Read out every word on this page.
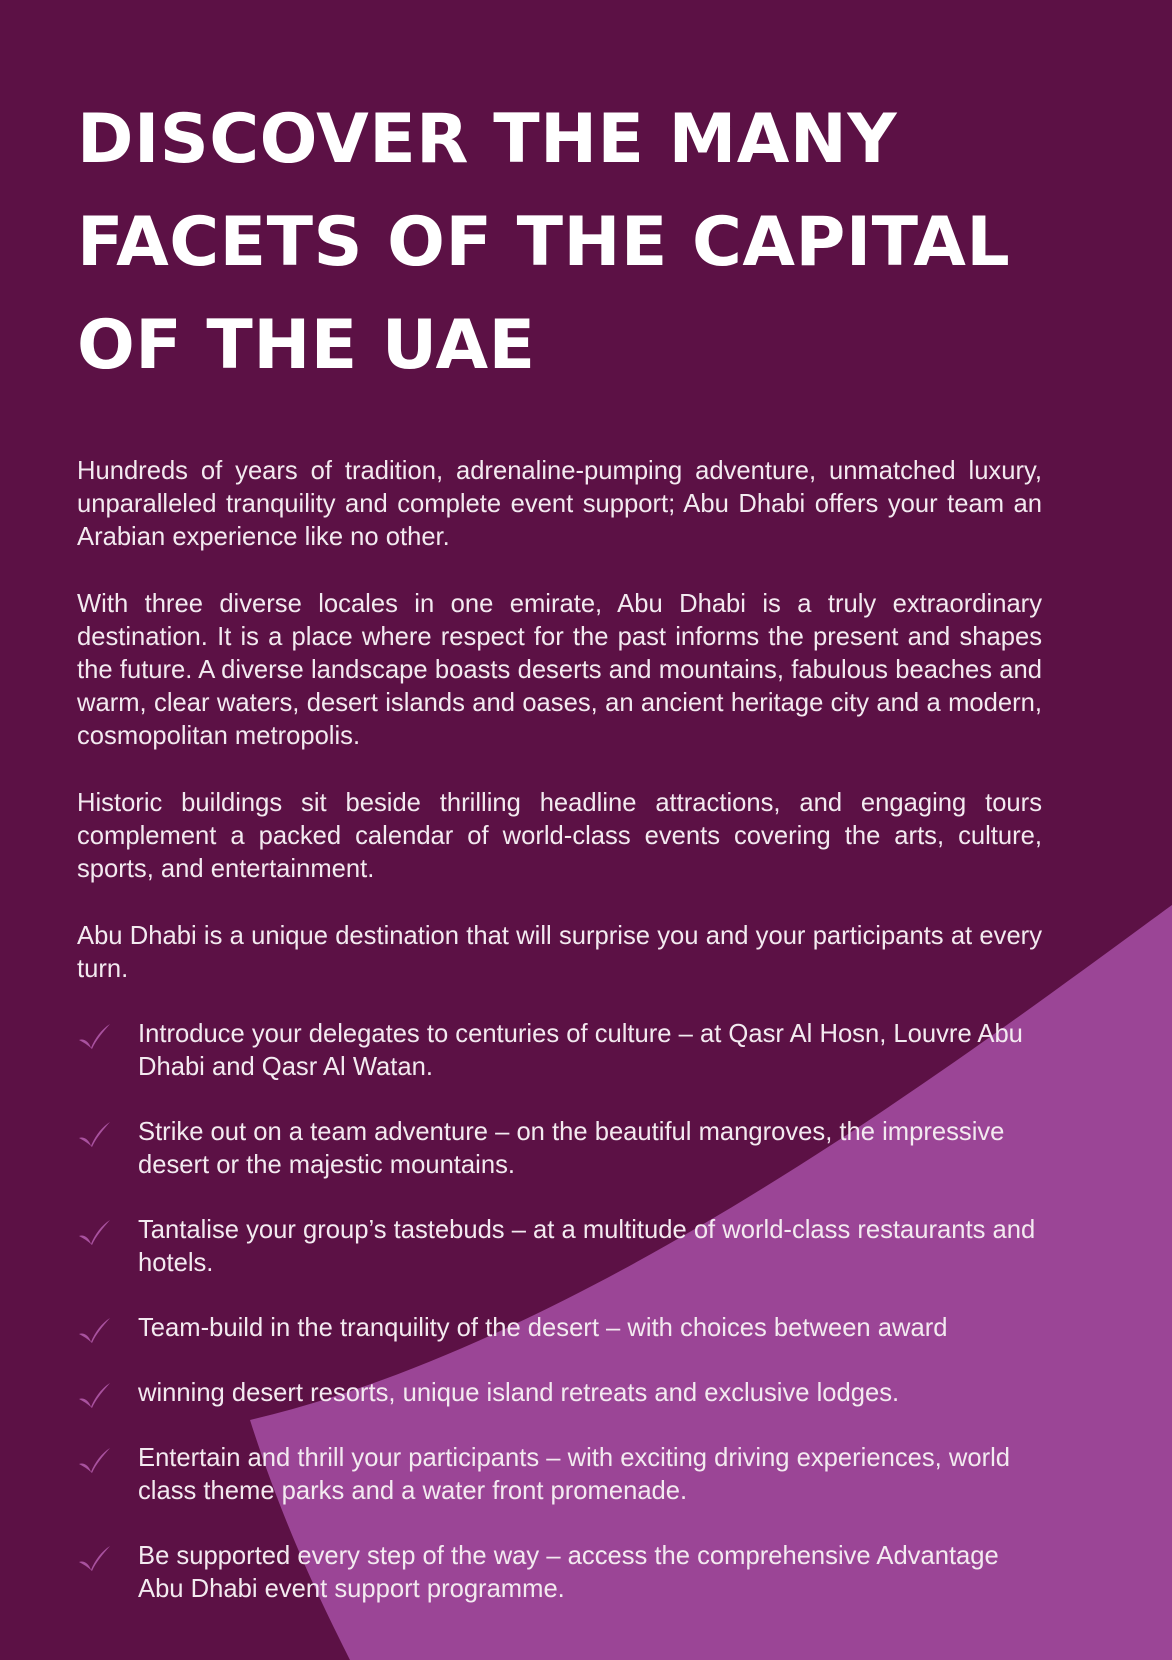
DISCOVER THE MANY
FACETS OF THE CAPITAL
OF THE UAE

Hundreds of years of tradition, adrenaline-pumping adventure, unmatched luxury, unparalleled tranquility and complete event support; Abu Dhabi offers your team an Arabian experience like no other.

With three diverse locales in one emirate, Abu Dhabi is a truly extraordinary destination. It is a place where respect for the past informs the present and shapes the future. A diverse landscape boasts deserts and mountains, fabulous beaches and warm, clear waters, desert islands and oases, an ancient heritage city and a modern, cosmopolitan metropolis.

Historic buildings sit beside thrilling headline attractions, and engaging tours complement a packed calendar of world-class events covering the arts, culture, sports, and entertainment.

Abu Dhabi is a unique destination that will surprise you and your participants at every turn.

Introduce your delegates to centuries of culture – at Qasr Al Hosn, Louvre Abu Dhabi and Qasr Al Watan.
Strike out on a team adventure – on the beautiful mangroves, the impressive desert or the majestic mountains.
Tantalise your group’s tastebuds – at a multitude of world-class restaurants and hotels.
Team-build in the tranquility of the desert – with choices between award
winning desert resorts, unique island retreats and exclusive lodges.
Entertain and thrill your participants – with exciting driving experiences, world class theme parks and a water front promenade.
Be supported every step of the way – access the comprehensive Advantage Abu Dhabi event support programme.
